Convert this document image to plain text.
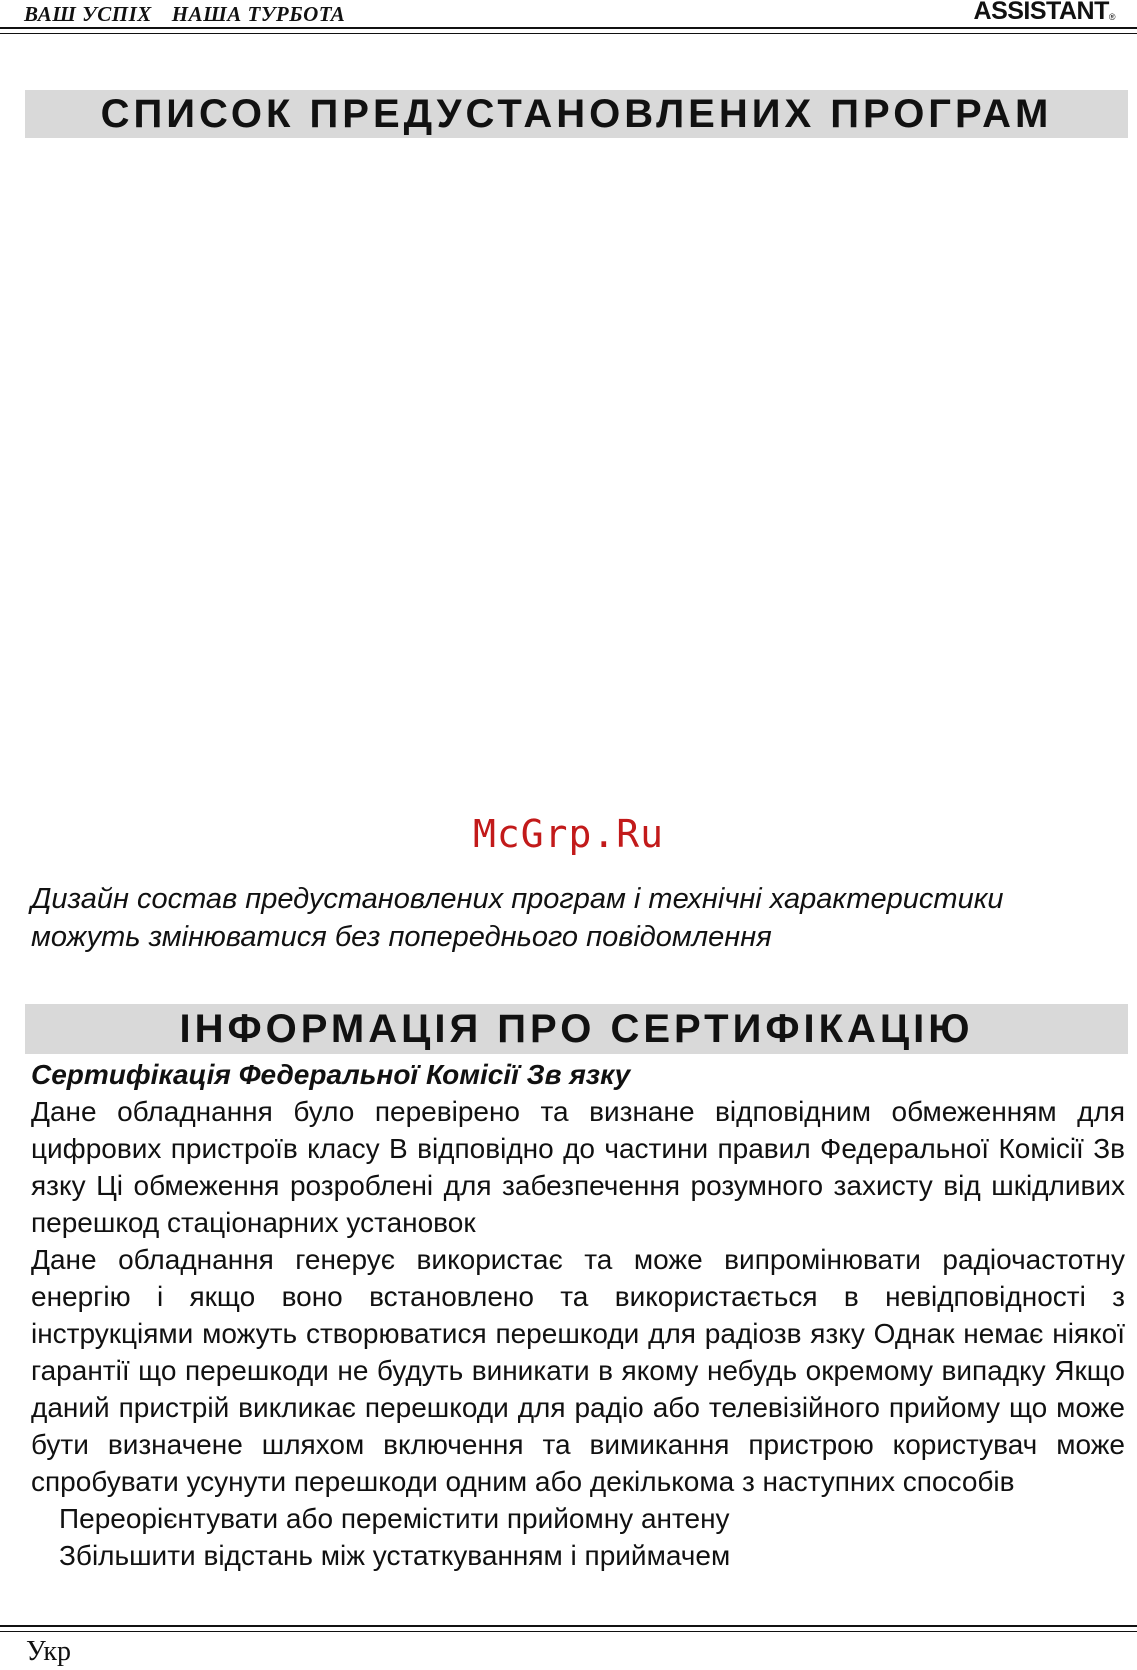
ВАШ УСПІХ НАША ТУРБОТА	ASSISTANT®
СПИСОК ПРЕДУСТАНОВЛЕНИХ ПРОГРАМ
McGrp.Ru
Дизайн состав предустановлених програм і технічні характеристики
можуть змінюватися без попереднього повідомлення
ІНФОРМАЦІЯ ПРО СЕРТИФІКАЦІЮ
Сертифікація Федеральної Комісії Зв язку
Дане обладнання було перевірено та визнане відповідним обмеженням для цифрових пристроїв класу В відповідно до частини правил Федеральної Комісії Зв язку Ці обмеження розроблені для забезпечення розумного захисту від шкідливих перешкод стаціонарних установок
Дане обладнання генерує використає та може випромінювати радіочастотну енергію і якщо воно встановлено та використається в невідповідності з інструкціями можуть створюватися перешкоди для радіозв язку Однак немає ніякої гарантії що перешкоди не будуть виникати в якому небудь окремому випадку Якщо даний пристрій викликає перешкоди для радіо або телевізійного прийому що може бути визначене шляхом включення та вимикання пристрою користувач може спробувати усунути перешкоди одним або декількома з наступних способів
Переорієнтувати або перемістити прийомну антену
Збільшити відстань між устаткуванням і приймачем
Укр
